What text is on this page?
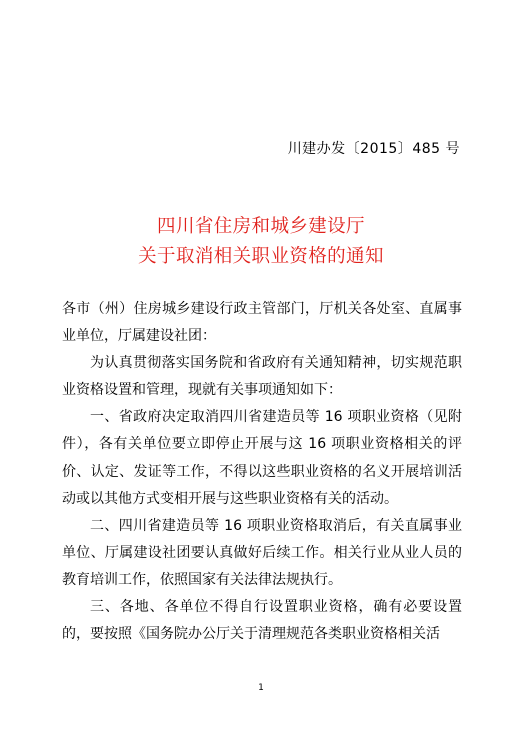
川建办发〔2015〕485 号
四川省住房和城乡建设厅
关于取消相关职业资格的通知

各市（州）住房城乡建设行政主管部门，厅机关各处室、直属事业单位，厅属建设社团：

为认真贯彻落实国务院和省政府有关通知精神，切实规范职业资格设置和管理，现就有关事项通知如下：

一、省政府决定取消四川省建造员等 16 项职业资格（见附件），各有关单位要立即停止开展与这 16 项职业资格相关的评价、认定、发证等工作，不得以这些职业资格的名义开展培训活动或以其他方式变相开展与这些职业资格有关的活动。

二、四川省建造员等 16 项职业资格取消后，有关直属事业单位、厅属建设社团要认真做好后续工作。相关行业从业人员的教育培训工作，依照国家有关法律法规执行。

三、各地、各单位不得自行设置职业资格，确有必要设置的，要按照《国务院办公厅关于清理规范各类职业资格相关活

1
